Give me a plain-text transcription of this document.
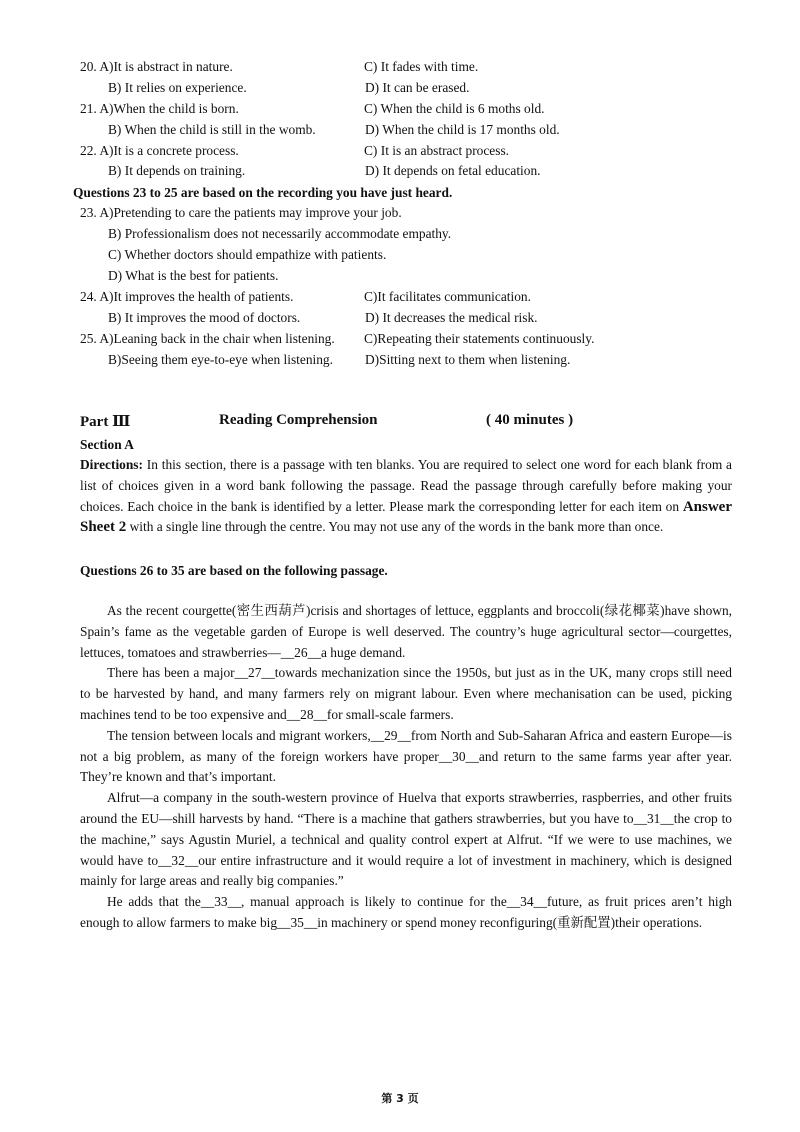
20. A)It is abstract in nature.	C) It fades with time.
B) It relies on experience.	D) It can be erased.
21. A)When the child is born.	C) When the child is 6 moths old.
B) When the child is still in the womb.	D) When the child is 17 months old.
22. A)It is a concrete process.	C) It is an abstract process.
B) It depends on training.	D) It depends on fetal education.
Questions 23 to 25 are based on the recording you have just heard.
23. A)Pretending to care the patients may improve your job.
B) Professionalism does not necessarily accommodate empathy.
C) Whether doctors should empathize with patients.
D) What is the best for patients.
24. A)It improves the health of patients.	C)It facilitates communication.
B) It improves the mood of doctors.	D) It decreases the medical risk.
25. A)Leaning back in the chair when listening.	C)Repeating their statements continuously.
B)Seeing them eye-to-eye when listening.	D)Sitting next to them when listening.
Part Ⅲ	Reading Comprehension	( 40 minutes )
Section A
Directions: In this section, there is a passage with ten blanks. You are required to select one word for each blank from a list of choices given in a word bank following the passage. Read the passage through carefully before making your choices. Each choice in the bank is identified by a letter. Please mark the corresponding letter for each item on Answer Sheet 2 with a single line through the centre. You may not use any of the words in the bank more than once.
Questions 26 to 35 are based on the following passage.

As the recent courgette(密生西葫芦)crisis and shortages of lettuce, eggplants and broccoli(绿花椰菜)have shown, Spain’s fame as the vegetable garden of Europe is well deserved. The country’s huge agricultural sector—courgettes, lettuces, tomatoes and strawberries—__26__a huge demand.

There has been a major__27__towards mechanization since the 1950s, but just as in the UK, many crops still need to be harvested by hand, and many farmers rely on migrant labour. Even where mechanisation can be used, picking machines tend to be too expensive and__28__for small-scale farmers.

The tension between locals and migrant workers,__29__from North and Sub-Saharan Africa and eastern Europe—is not a big problem, as many of the foreign workers have proper__30__and return to the same farms year after year. They’re known and that’s important.

Alfrut—a company in the south-western province of Huelva that exports strawberries, raspberries, and other fruits around the EU—shill harvests by hand. “There is a machine that gathers strawberries, but you have to__31__the crop to the machine,” says Agustin Muriel, a technical and quality control expert at Alfrut. “If we were to use machines, we would have to__32__our entire infrastructure and it would require a lot of investment in machinery, which is designed mainly for large areas and really big companies.”

He adds that the__33__, manual approach is likely to continue for the__34__future, as fruit prices aren’t high enough to allow farmers to make big__35__in machinery or spend money reconfiguring(重新配置)their operations.

第 3 页
